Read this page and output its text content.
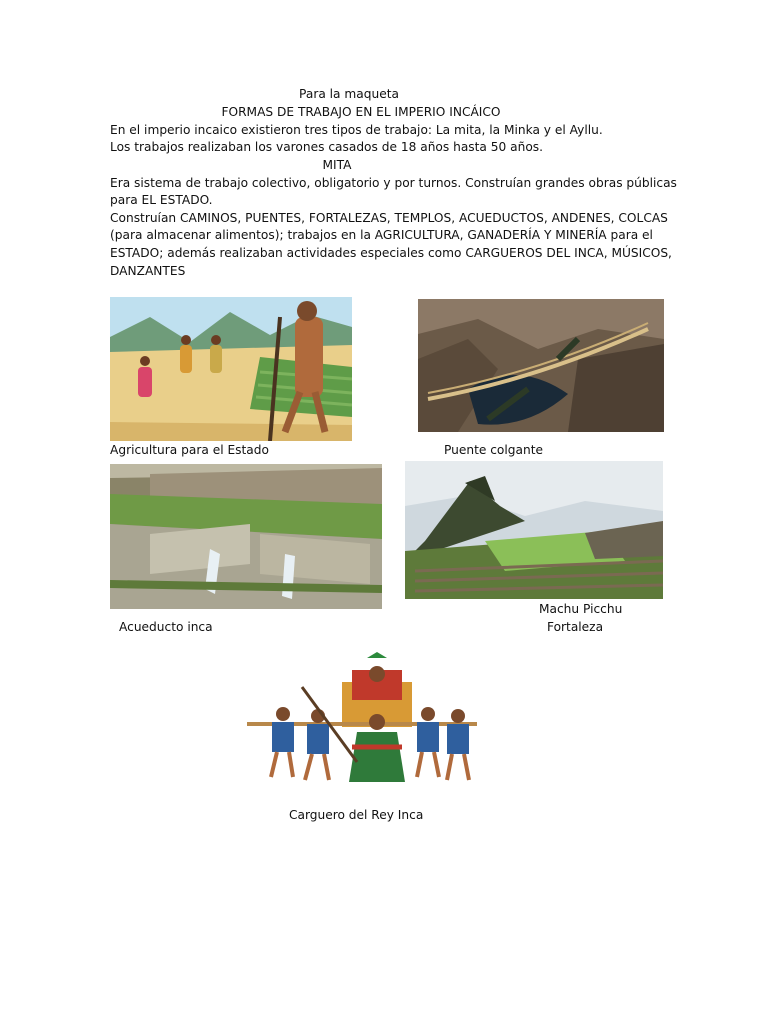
Para la maqueta
FORMAS DE TRABAJO EN EL IMPERIO INCÁICO
En el imperio incaico existieron tres tipos de trabajo: La mita, la Minka y el Ayllu.
Los trabajos realizaban los varones casados de 18 años hasta 50 años.
MITA
Era sistema de trabajo colectivo, obligatorio y por turnos. Construían grandes obras públicas
para EL ESTADO.
Construían CAMINOS, PUENTES, FORTALEZAS, TEMPLOS, ACUEDUCTOS, ANDENES, COLCAS
(para almacenar alimentos); trabajos en la AGRICULTURA, GANADERÍA Y MINERÍA para el
ESTADO; además realizaban actividades especiales como CARGUEROS DEL INCA, MÚSICOS,
DANZANTES
Agricultura para el Estado	Puente colgante
Machu Picchu
Acueducto inca	Fortaleza
Carguero del Rey Inca
